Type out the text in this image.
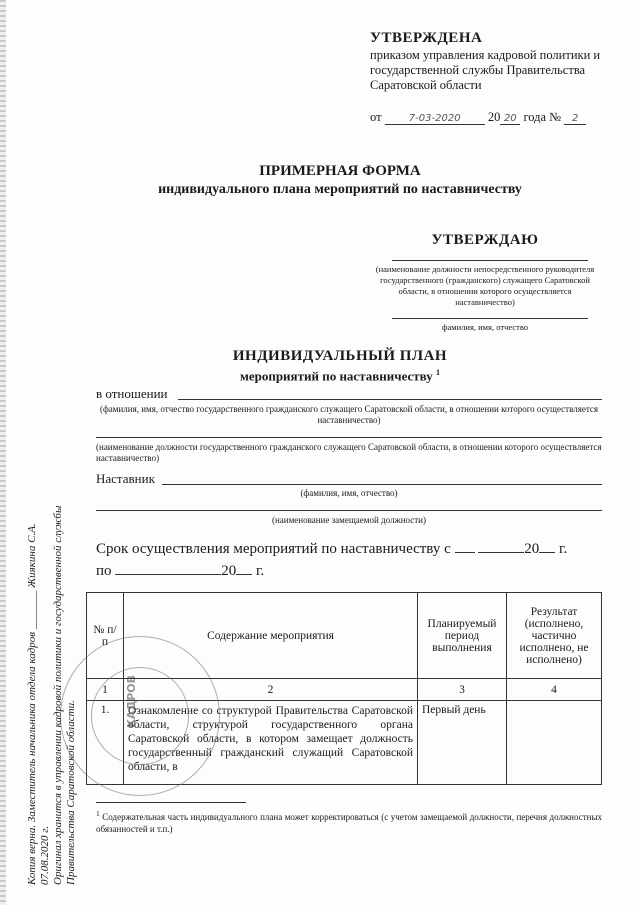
УТВЕРЖДЕНА
приказом управления кадровой политики и государственной службы Правительства Саратовской области
от	7-03-2020 20 20 года № 2
ПРИМЕРНАЯ ФОРМА
индивидуального плана мероприятий по наставничеству
УТВЕРЖДАЮ
(наименование должности непосредственного руководителя государственного (гражданского) служащего Саратовской области, в отношении которого осуществляется наставничество)
фамилия, имя, отчество
ИНДИВИДУАЛЬНЫЙ ПЛАН
мероприятий по наставничеству $^1$
в отношении
(фамилия, имя, отчество государственного гражданского служащего Саратовской области, в отношении которого осуществляется наставничество)
(наименование должности государственного гражданского служащего Саратовской области, в отношении которого осуществляется наставничество)
Наставник
(фамилия, имя, отчество)
(наименование замещаемой должности)
Срок осуществления мероприятий по наставничеству с	20 г.
по	20 г.
№ п/п	Содержание мероприятия	Планируемый период выполнения	Результат (исполнено, частично исполнено, не исполнено)
1	2	3	4
1.	Ознакомление со структурой Правительства Саратовской области, структурой государственного органа Саратовской области, в котором замещает должность государственный гражданский служащий Саратовской области, в	Первый день	
$^1$ Содержательная часть индивидуального плана может корректироваться (с учетом замещаемой должности, перечня должностных обязанностей и т.п.)
КАДРОВ
Копия верна. Заместитель начальника отдела кадров _______ Жиякина С.А. 07.08.2020 г. Оригинал хранится в управлении кадровой политики и государственной службы Правительства Саратовской области.
